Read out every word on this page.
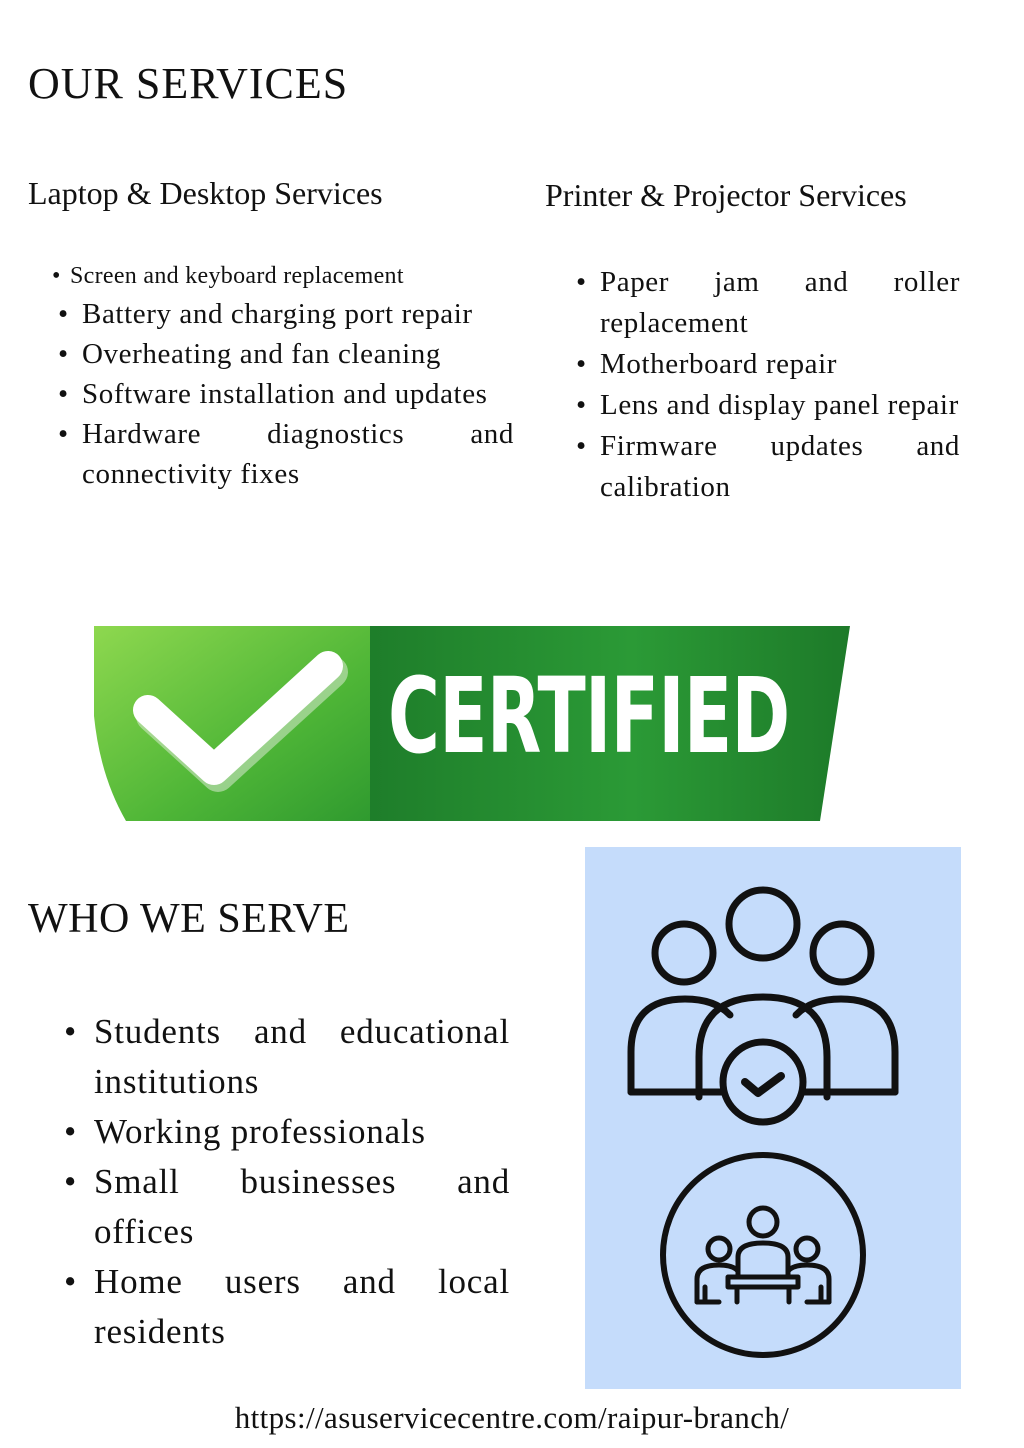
OUR SERVICES
Laptop & Desktop Services
• Screen and keyboard replacement
• Battery and charging port repair
• Overheating and fan cleaning
• Software installation and updates
• Hardware diagnostics and connectivity fixes
Printer & Projector Services
• Paper jam and roller replacement
• Motherboard repair
• Lens and display panel repair
• Firmware updates and calibration
CERTIFIED
WHO WE SERVE
• Students and educational institutions
• Working professionals
• Small businesses and offices
• Home users and local residents
https://asuservicecentre.com/raipur-branch/
